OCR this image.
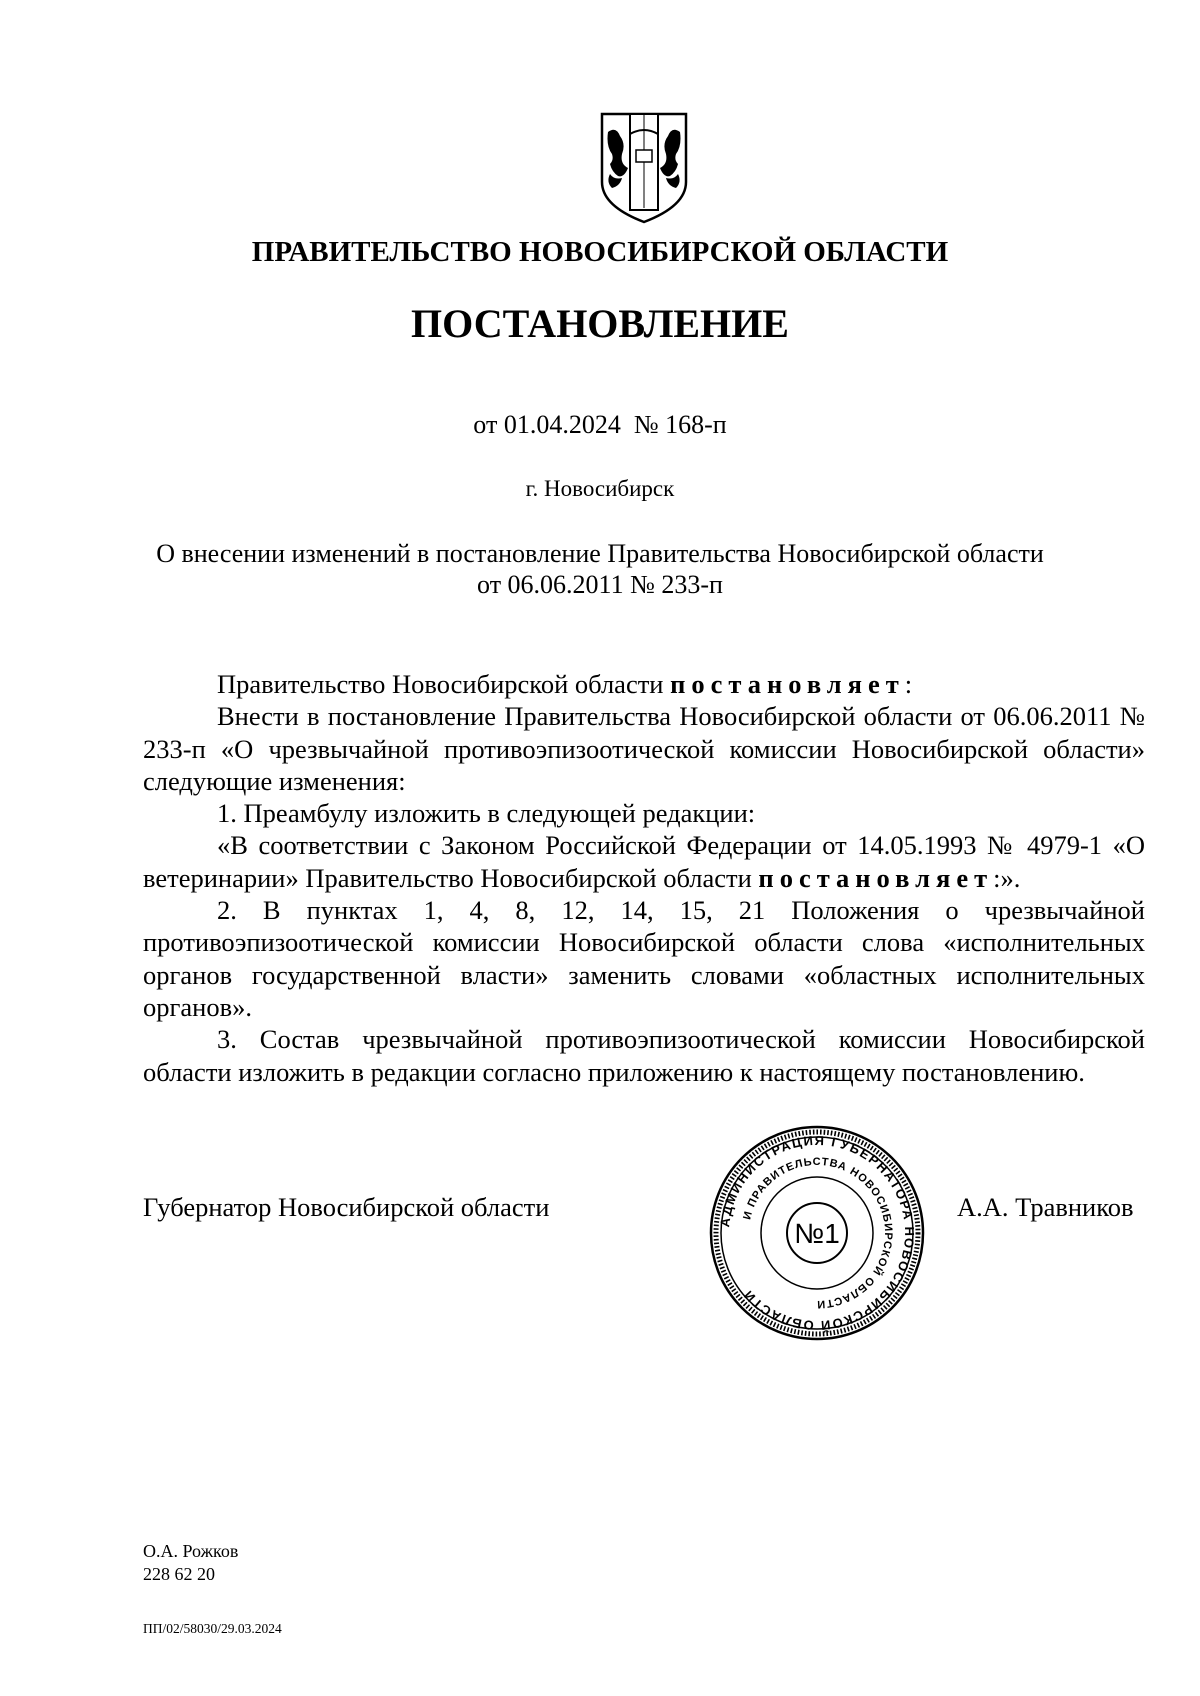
ПРАВИТЕЛЬСТВО НОВОСИБИРСКОЙ ОБЛАСТИ
ПОСТАНОВЛЕНИЕ
от 01.04.2024  № 168-п
г. Новосибирск
О внесении изменений в постановление Правительства Новосибирской области
от 06.06.2011 № 233-п

Правительство Новосибирской области постановляет:

Внести в постановление Правительства Новосибирской области от 06.06.2011 № 233-п «О чрезвычайной противоэпизоотической комиссии Новосибирской области» следующие изменения:

1. Преамбулу изложить в следующей редакции:

«В соответствии с Законом Российской Федерации от 14.05.1993 № 4979-1 «О ветеринарии» Правительство Новосибирской области постановляет:».

2. В пунктах 1, 4, 8, 12, 14, 15, 21 Положения о чрезвычайной противоэпизоотической комиссии Новосибирской области слова «исполнительных органов государственной власти» заменить словами «областных исполнительных органов».

3. Состав чрезвычайной противоэпизоотической комиссии Новосибирской области изложить в редакции согласно приложению к настоящему постановлению.

Губернатор Новосибирской области	А.А. Травников
АДМИНИСТРАЦИЯ ГУБЕРНАТОРА НОВОСИБИРСКОЙ ОБЛАСТИ
И ПРАВИТЕЛЬСТВА НОВОСИБИРСКОЙ ОБЛАСТИ
№1
О.А. Рожков
228 62 20
ПП/02/58030/29.03.2024
